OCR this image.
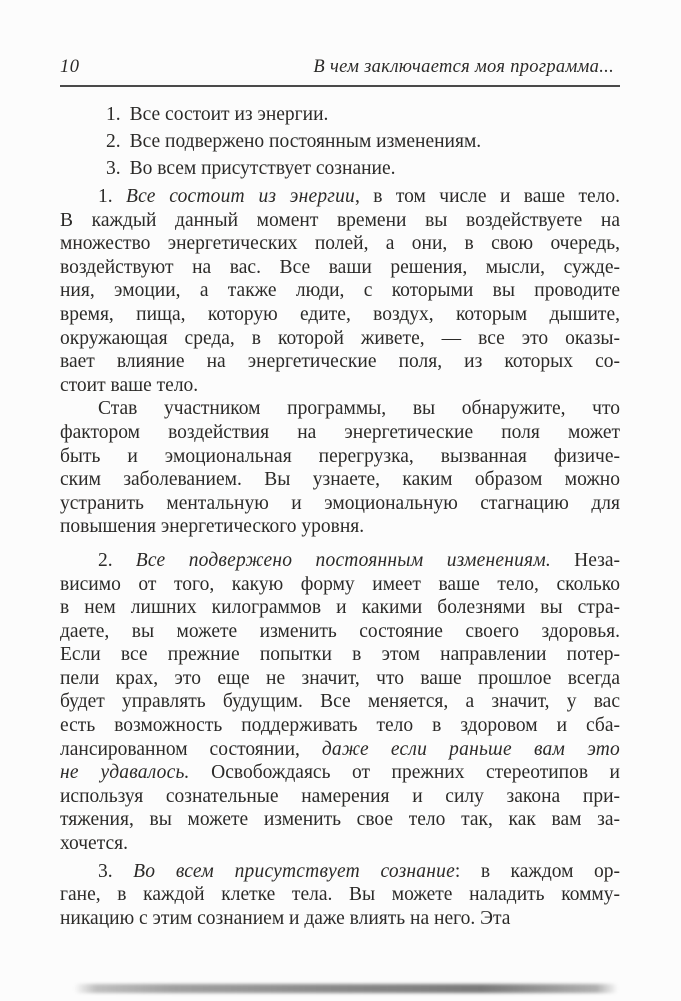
10	В чем заключается моя программа...
1. Все состоит из энергии.
2. Все подвержено постоянным изменениям.
3. Во всем присутствует сознание.
1. Все состоит из энергии, в том числе и ваше тело.
В каждый данный момент времени вы воздействуете на
множество энергетических полей, а они, в свою очередь,
воздействуют на вас. Все ваши решения, мысли, сужде-
ния, эмоции, а также люди, с которыми вы проводите
время, пища, которую едите, воздух, которым дышите,
окружающая среда, в которой живете, — все это оказы-
вает влияние на энергетические поля, из которых со-
стоит ваше тело.
Став участником программы, вы обнаружите, что
фактором воздействия на энергетические поля может
быть и эмоциональная перегрузка, вызванная физиче-
ским заболеванием. Вы узнаете, каким образом можно
устранить ментальную и эмоциональную стагнацию для
повышения энергетического уровня.
2. Все подвержено постоянным изменениям. Неза-
висимо от того, какую форму имеет ваше тело, сколько
в нем лишних килограммов и какими болезнями вы стра-
даете, вы можете изменить состояние своего здоровья.
Если все прежние попытки в этом направлении потер-
пели крах, это еще не значит, что ваше прошлое всегда
будет управлять будущим. Все меняется, а значит, у вас
есть возможность поддерживать тело в здоровом и сба-
лансированном состоянии, даже если раньше вам это
не удавалось. Освобождаясь от прежних стереотипов и
используя сознательные намерения и силу закона при-
тяжения, вы можете изменить свое тело так, как вам за-
хочется.
3. Во всем присутствует сознание: в каждом ор-
гане, в каждой клетке тела. Вы можете наладить комму-
никацию с этим сознанием и даже влиять на него. Эта
